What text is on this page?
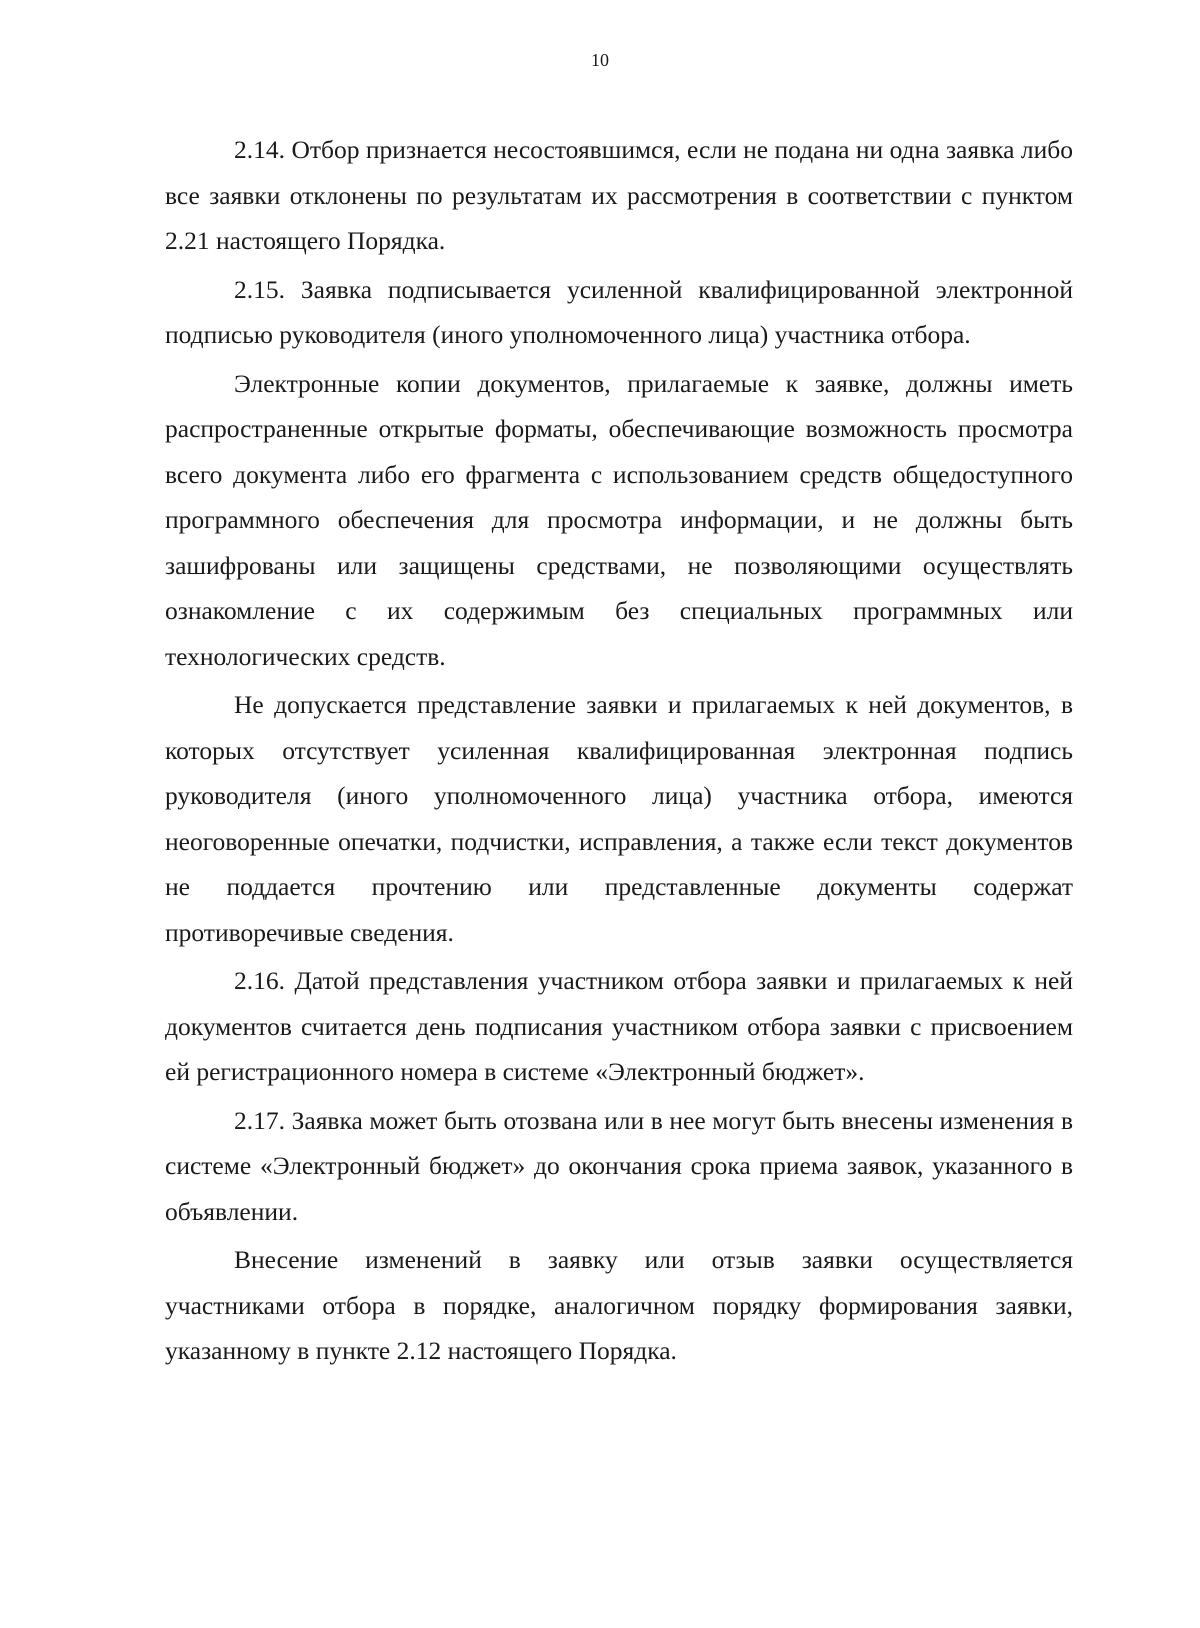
10

2.14. Отбор признается несостоявшимся, если не подана ни одна заявка либо все заявки отклонены по результатам их рассмотрения в соответствии с пунктом 2.21 настоящего Порядка.

2.15. Заявка подписывается усиленной квалифицированной электронной подписью руководителя (иного уполномоченного лица) участника отбора.

Электронные копии документов, прилагаемые к заявке, должны иметь распространенные открытые форматы, обеспечивающие возможность просмотра всего документа либо его фрагмента с использованием средств общедоступного программного обеспечения для просмотра информации, и не должны быть зашифрованы или защищены средствами, не позволяющими осуществлять ознакомление с их содержимым без специальных программных или технологических средств.

Не допускается представление заявки и прилагаемых к ней документов, в которых отсутствует усиленная квалифицированная электронная подпись руководителя (иного уполномоченного лица) участника отбора, имеются неоговоренные опечатки, подчистки, исправления, а также если текст документов не поддается прочтению или представленные документы содержат противоречивые сведения.

2.16. Датой представления участником отбора заявки и прилагаемых к ней документов считается день подписания участником отбора заявки с присвоением ей регистрационного номера в системе «Электронный бюджет».

2.17. Заявка может быть отозвана или в нее могут быть внесены изменения в системе «Электронный бюджет» до окончания срока приема заявок, указанного в объявлении.

Внесение изменений в заявку или отзыв заявки осуществляется участниками отбора в порядке, аналогичном порядку формирования заявки, указанному в пункте 2.12 настоящего Порядка.
